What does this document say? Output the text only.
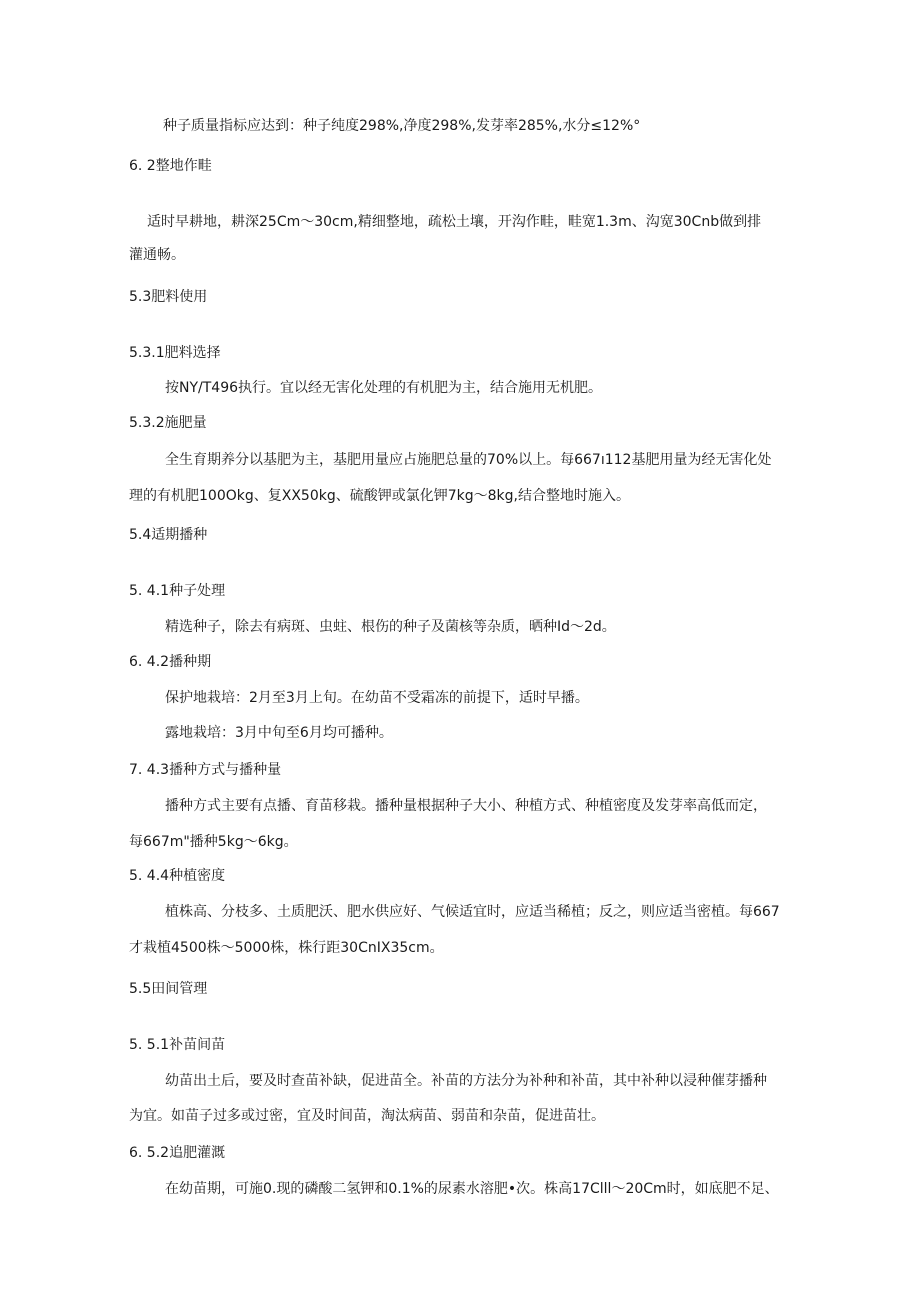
种子质量指标应达到：种子纯度298%,净度298%,发芽率285%,水分≤12%°
6. 2整地作畦
适时早耕地，耕深25Cm～30cm,精细整地，疏松土壤，开沟作畦，畦宽1.3m、沟宽30Cnb做到排
灌通畅。
5.3肥料使用
5.3.1肥料选择
按NY/T496执行。宜以经无害化处理的有机肥为主，结合施用无机肥。
5.3.2施肥量
全生育期养分以基肥为主，基肥用量应占施肥总量的70%以上。每667ı112基肥用量为经无害化处
理的有机肥100Okg、复XX50kg、硫酸钾或氯化钾7kg～8kg,结合整地时施入。
5.4适期播种
5. 4.1种子处理
精选种子，除去有病斑、虫蛀、根伤的种子及菌核等杂质，晒种Id～2d。
6. 4.2播种期
保护地栽培：2月至3月上旬。在幼苗不受霜冻的前提下，适时早播。
露地栽培：3月中旬至6月均可播种。
7. 4.3播种方式与播种量
播种方式主要有点播、育苗移栽。播种量根据种子大小、种植方式、种植密度及发芽率高低而定，
每667m"播种5kg～6kg。
5. 4.4种植密度
植株高、分枝多、土质肥沃、肥水供应好、气候适宜时，应适当稀植；反之，则应适当密植。每667
才栽植4500株～5000株，株行距30CnIX35cm。
5.5田间管理
5. 5.1补苗间苗
幼苗出土后，要及时查苗补缺，促进苗全。补苗的方法分为补种和补苗，其中补种以浸种催芽播种
为宜。如苗子过多或过密，宜及时间苗，淘汰病苗、弱苗和杂苗，促进苗壮。
6. 5.2追肥灌溉
在幼苗期，可施0.现的磷酸二氢钾和0.1%的尿素水溶肥•次。株高17Clll～20Cm时，如底肥不足、
